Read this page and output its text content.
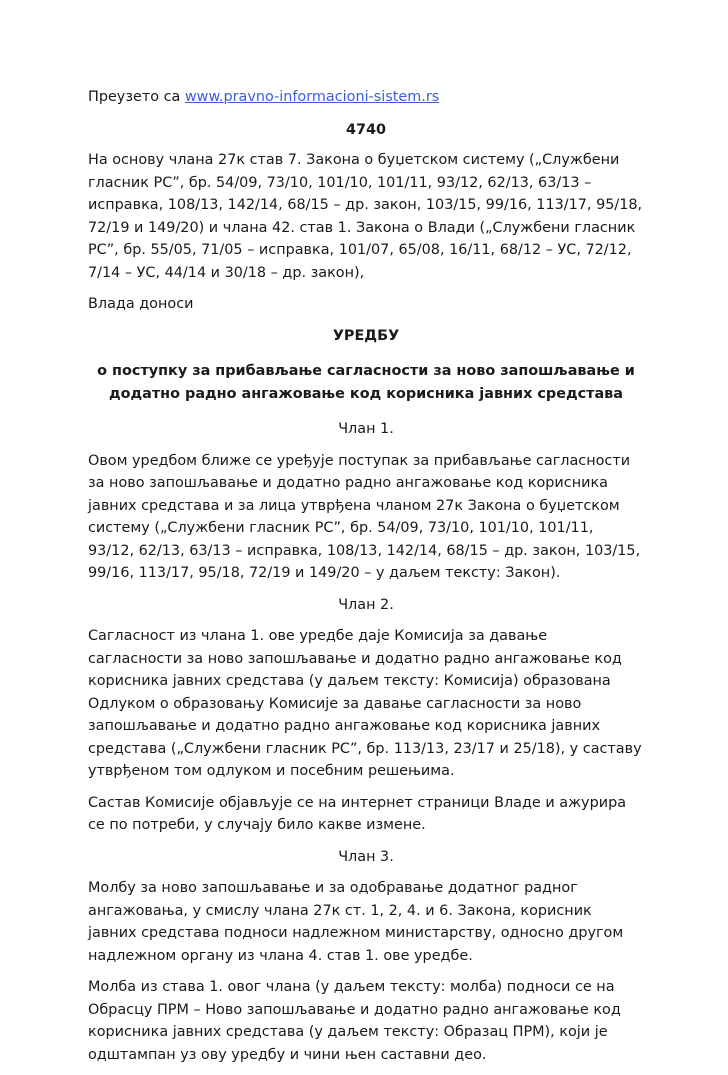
Преузето са www.pravno-informacioni-sistem.rs
4740

На основу члана 27к став 7. Закона о буџетском систему („Службени гласник РС”, бр. 54/09, 73/10, 101/10, 101/11, 93/12, 62/13, 63/13 – исправка, 108/13, 142/14, 68/15 – др. закон, 103/15, 99/16, 113/17, 95/18, 72/19 и 149/20) и члана 42. став 1. Закона о Влади („Службени гласник РС”, бр. 55/05, 71/05 – исправка, 101/07, 65/08, 16/11, 68/12 – УС, 72/12, 7/14 – УС, 44/14 и 30/18 – др. закон),

Влада доноси

УРЕДБУ
о поступку за прибављање сагласности за ново запошљавање и додатно радно ангажовање код корисника јавних средстава
Члан 1.

Овом уредбом ближе се уређује поступак за прибављање сагласности за ново запошљавање и додатно радно ангажовање код корисника јавних средстава и за лица утврђена чланом 27к Закона о буџетском систему („Службени гласник РС”, бр. 54/09, 73/10, 101/10, 101/11, 93/12, 62/13, 63/13 – исправка, 108/13, 142/14, 68/15 – др. закон, 103/15, 99/16, 113/17, 95/18, 72/19 и 149/20 – у даљем тексту: Закон).

Члан 2.

Сагласност из члана 1. ове уредбе даје Комисија за давање сагласности за ново запошљавање и додатно радно ангажовање код корисника јавних средстава (у даљем тексту: Комисија) образована Одлуком о образовању Комисије за давање сагласности за ново запошљавање и додатно радно ангажовање код корисника јавних средстава („Службени гласник РС”, бр. 113/13, 23/17 и 25/18), у саставу утврђеном том одлуком и посебним решењима.

Састав Комисије објављује се на интернет страници Владе и ажурира се по потреби, у случају било какве измене.

Члан 3.

Молбу за ново запошљавање и за одобравање додатног радног ангажовања, у смислу члана 27к ст. 1, 2, 4. и 6. Закона, корисник јавних средстава подноси надлежном министарству, односно другом надлежном органу из члана 4. став 1. ове уредбе.

Молба из става 1. овог члана (у даљем тексту: молба) подноси се на Обрасцу ПРМ – Ново запошљавање и додатно радно ангажовање код корисника јавних средстава (у даљем тексту: Образац ПРМ), који је одштампан уз ову уредбу и чини њен саставни део.
